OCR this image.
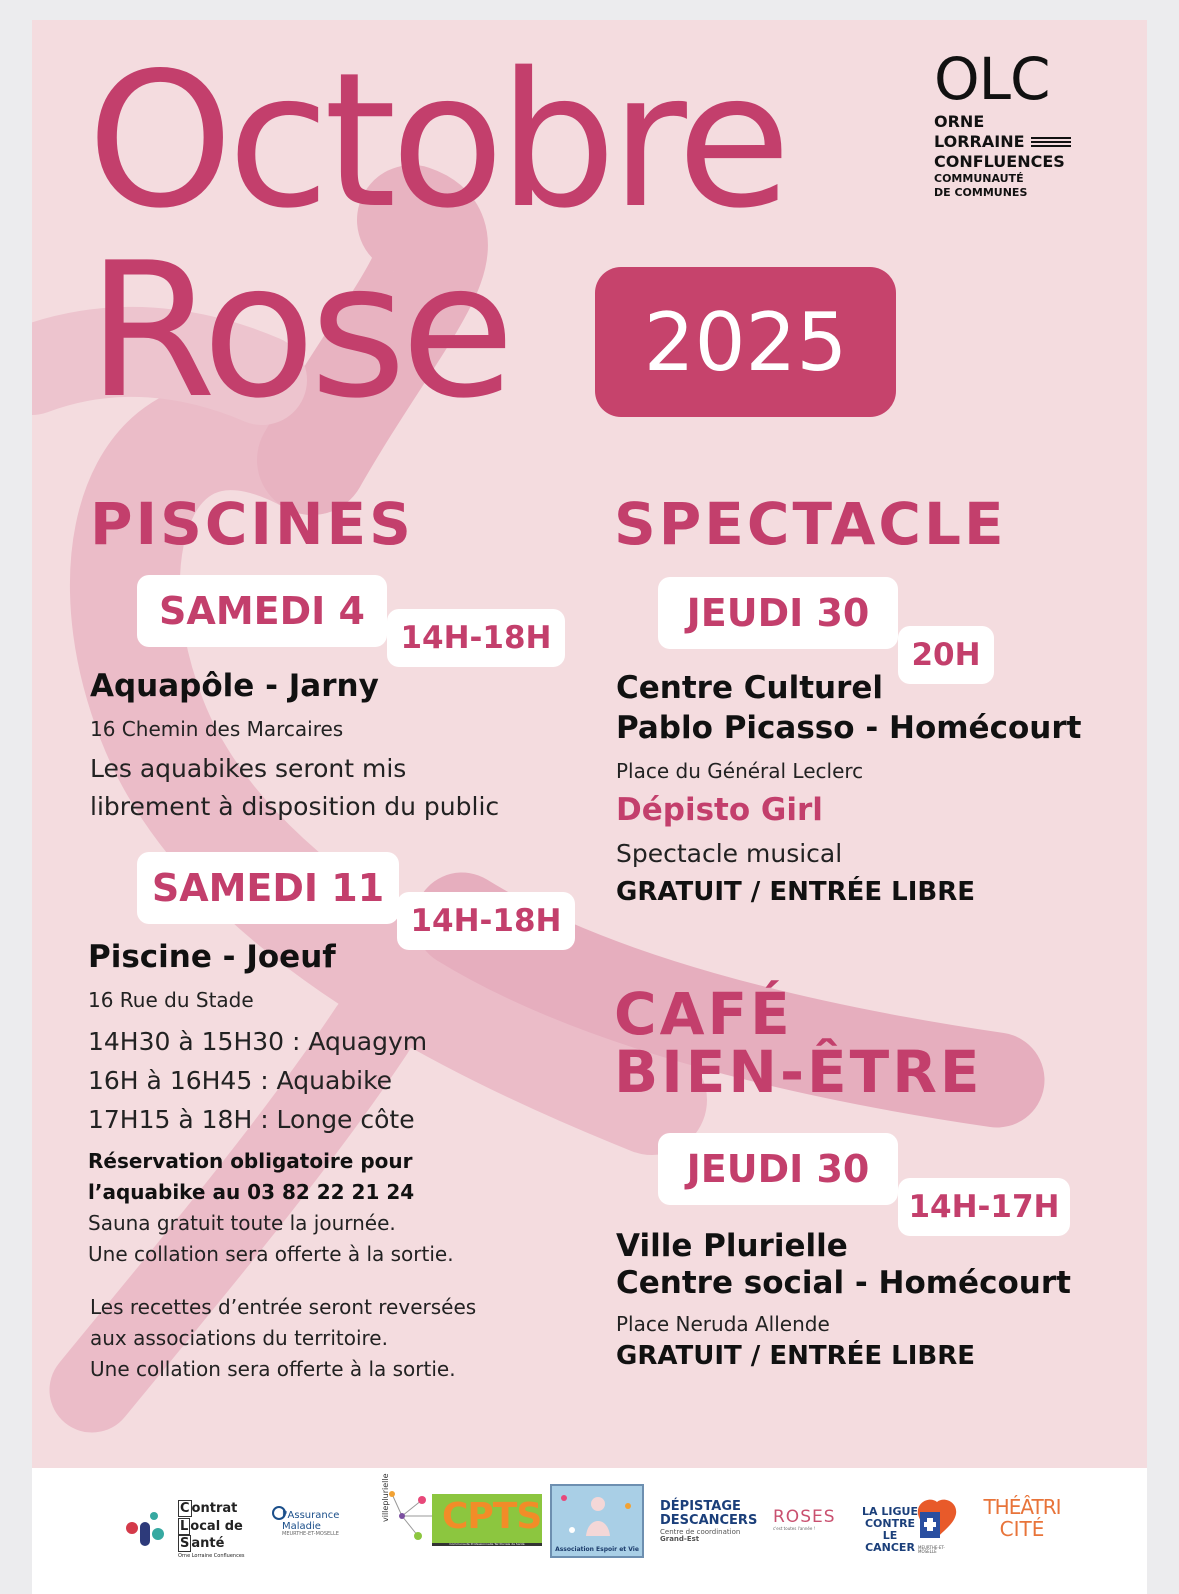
Octobre
Rose	2025
OLC
ORNE
LORRAINE
CONFLUENCES
COMMUNAUTÉ
DE COMMUNES
PISCINES
SAMEDI 4
14H-18H
Aquapôle - Jarny
16 Chemin des Marcaires
Les aquabikes seront mis
librement à disposition du public
SAMEDI 11
14H-18H
Piscine - Joeuf
16 Rue du Stade
14H30 à 15H30 : Aquagym
16H à 16H45 : Aquabike
17H15 à 18H : Longe côte
Réservation obligatoire pour
l’aquabike au 03 82 22 21 24
Sauna gratuit toute la journée.
Une collation sera offerte à la sortie.
Les recettes d’entrée seront reversées
aux associations du territoire.
Une collation sera offerte à la sortie.
SPECTACLE
JEUDI 30
20H
Centre Culturel
Pablo Picasso - Homécourt
Place du Général Leclerc
Dépisto Girl
Spectacle musical
GRATUIT / ENTRÉE LIBRE
CAFÉ
BIEN-ÊTRE
JEUDI 30
14H-17H
Ville Plurielle
Centre social - Homécourt
Place Neruda Allende
GRATUIT / ENTRÉE LIBRE
C ontrat
L ocal de
S anté
Orne Lorraine Confluences
l'Assurance
Maladie
MEURTHE-ET-MOSELLE
villeplurielle CPTS
Communauté Professionnelle Territoriale de Santé
Association Espoir et Vie
DÉPISTAGE
DESCANCERS
Centre de coordination
Grand-Est
ROSES
c'est toutes l'année !
LA LIGUE
CONTRE
LE CANCER MEURTHE-ET-MOSELLE
THÉÂTRI
CITÉ
